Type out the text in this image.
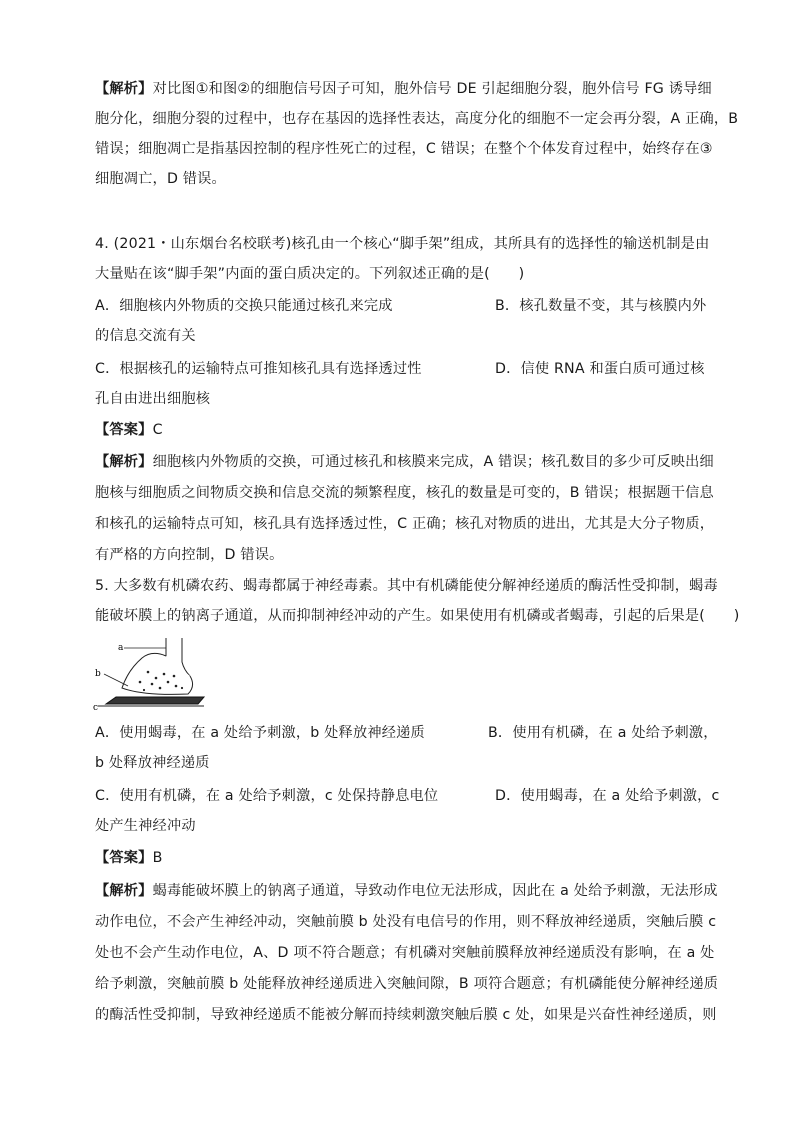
【解析】对比图①和图②的细胞信号因子可知，胞外信号 DE 引起细胞分裂，胞外信号 FG 诱导细
胞分化，细胞分裂的过程中，也存在基因的选择性表达，高度分化的细胞不一定会再分裂，A 正确，B
错误；细胞凋亡是指基因控制的程序性死亡的过程，C 错误；在整个个体发育过程中，始终存在③
细胞凋亡，D 错误。
4. (2021・山东烟台名校联考)核孔由一个核心“脚手架”组成，其所具有的选择性的输送机制是由
大量贴在该“脚手架”内面的蛋白质决定的。下列叙述正确的是(　　)
A．细胞核内外物质的交换只能通过核孔来完成	B．核孔数量不变，其与核膜内外
的信息交流有关
C．根据核孔的运输特点可推知核孔具有选择透过性	D．信使 RNA 和蛋白质可通过核
孔自由进出细胞核
【答案】C
【解析】细胞核内外物质的交换，可通过核孔和核膜来完成，A 错误；核孔数目的多少可反映出细
胞核与细胞质之间物质交换和信息交流的频繁程度，核孔的数量是可变的，B 错误；根据题干信息
和核孔的运输特点可知，核孔具有选择透过性，C 正确；核孔对物质的进出，尤其是大分子物质，
有严格的方向控制，D 错误。
5. 大多数有机磷农药、蝎毒都属于神经毒素。其中有机磷能使分解神经递质的酶活性受抑制，蝎毒
能破坏膜上的钠离子通道，从而抑制神经冲动的产生。如果使用有机磷或者蝎毒，引起的后果是(　　)
a
b
c
A．使用蝎毒，在 a 处给予刺激，b 处释放神经递质	B．使用有机磷，在 a 处给予刺激，
b 处释放神经递质
C．使用有机磷，在 a 处给予刺激，c 处保持静息电位	D．使用蝎毒，在 a 处给予刺激，c
处产生神经冲动
【答案】B
【解析】蝎毒能破坏膜上的钠离子通道，导致动作电位无法形成，因此在 a 处给予刺激，无法形成
动作电位，不会产生神经冲动，突触前膜 b 处没有电信号的作用，则不释放神经递质，突触后膜 c
处也不会产生动作电位，A、D 项不符合题意；有机磷对突触前膜释放神经递质没有影响，在 a 处
给予刺激，突触前膜 b 处能释放神经递质进入突触间隙，B 项符合题意；有机磷能使分解神经递质
的酶活性受抑制，导致神经递质不能被分解而持续刺激突触后膜 c 处，如果是兴奋性神经递质，则
